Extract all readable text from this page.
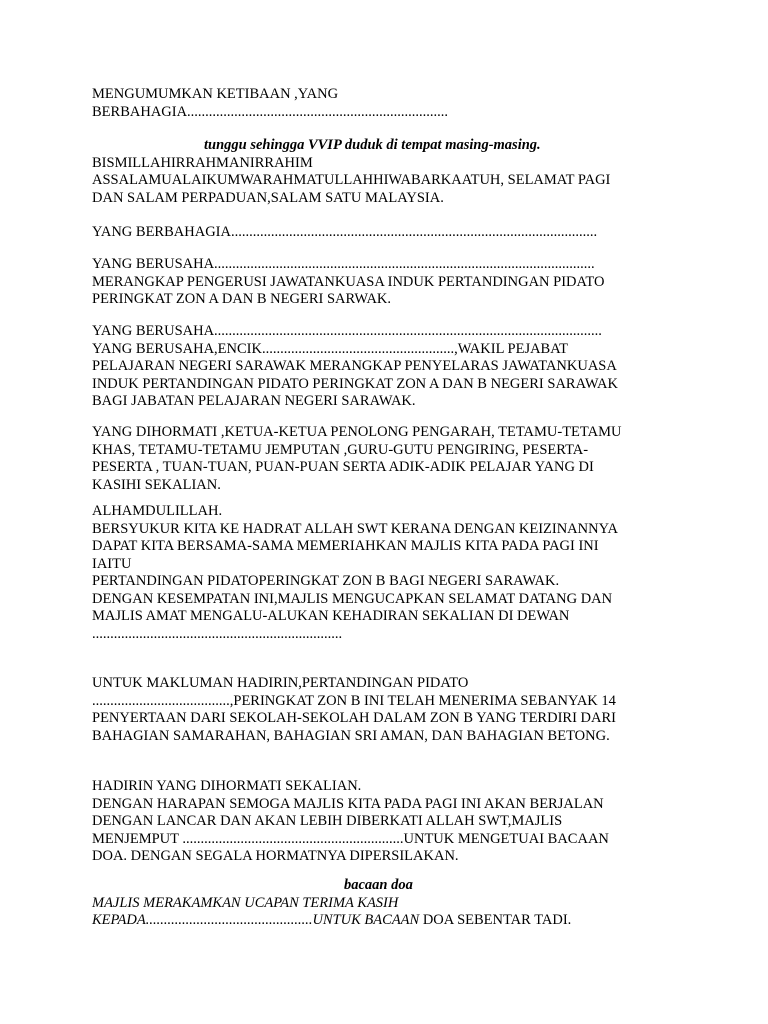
MENGUMUMKAN KETIBAAN ,YANG
BERBAHAGIA........................................................................

tunggu sehingga VVIP duduk di tempat masing-masing.

BISMILLAHIRRAHMANIRRAHIM

ASSALAMUALAIKUMWARAHMATULLAHHIWABARKAATUH, SELAMAT PAGI
DAN SALAM PERPADUAN,SALAM SATU MALAYSIA.

YANG BERBAHAGIA.....................................................................................................

YANG BERUSAHA.........................................................................................................
MERANGKAP PENGERUSI JAWATANKUASA INDUK PERTANDINGAN PIDATO
PERINGKAT ZON A DAN B NEGERI SARWAK.

YANG BERUSAHA...........................................................................................................
YANG BERUSAHA,ENCIK.....................................................,WAKIL PEJABAT
PELAJARAN NEGERI SARAWAK MERANGKAP PENYELARAS JAWATANKUASA
INDUK PERTANDINGAN PIDATO PERINGKAT ZON A DAN B NEGERI SARAWAK
BAGI JABATAN PELAJARAN NEGERI SARAWAK.

YANG DIHORMATI ,KETUA-KETUA PENOLONG PENGARAH, TETAMU-TETAMU
KHAS, TETAMU-TETAMU JEMPUTAN ,GURU-GUTU PENGIRING, PESERTA-
PESERTA , TUAN-TUAN, PUAN-PUAN SERTA ADIK-ADIK PELAJAR YANG DI
KASIHI SEKALIAN.

ALHAMDULILLAH.
BERSYUKUR KITA KE HADRAT ALLAH SWT KERANA DENGAN KEIZINANNYA
DAPAT KITA BERSAMA-SAMA MEMERIAHKAN MAJLIS KITA PADA PAGI INI
IAITU
PERTANDINGAN PIDATOPERINGKAT ZON B BAGI NEGERI SARAWAK.
DENGAN KESEMPATAN INI,MAJLIS MENGUCAPKAN SELAMAT DATANG DAN
MAJLIS AMAT MENGALU-ALUKAN KEHADIRAN SEKALIAN DI DEWAN
.....................................................................

UNTUK MAKLUMAN HADIRIN,PERTANDINGAN PIDATO
......................................,PERINGKAT ZON B INI TELAH MENERIMA SEBANYAK 14
PENYERTAAN DARI SEKOLAH-SEKOLAH DALAM ZON B YANG TERDIRI DARI
BAHAGIAN SAMARAHAN, BAHAGIAN SRI AMAN, DAN BAHAGIAN BETONG.

HADIRIN YANG DIHORMATI SEKALIAN.
DENGAN HARAPAN SEMOGA MAJLIS KITA PADA PAGI INI AKAN BERJALAN
DENGAN LANCAR DAN AKAN LEBIH DIBERKATI ALLAH SWT,MAJLIS
MENJEMPUT .............................................................UNTUK MENGETUAI BACAAN
DOA. DENGAN SEGALA HORMATNYA DIPERSILAKAN.

bacaan doa

MAJLIS MERAKAMKAN UCAPAN TERIMA KASIH

KEPADA..............................................UNTUK BACAAN DOA SEBENTAR TADI.
